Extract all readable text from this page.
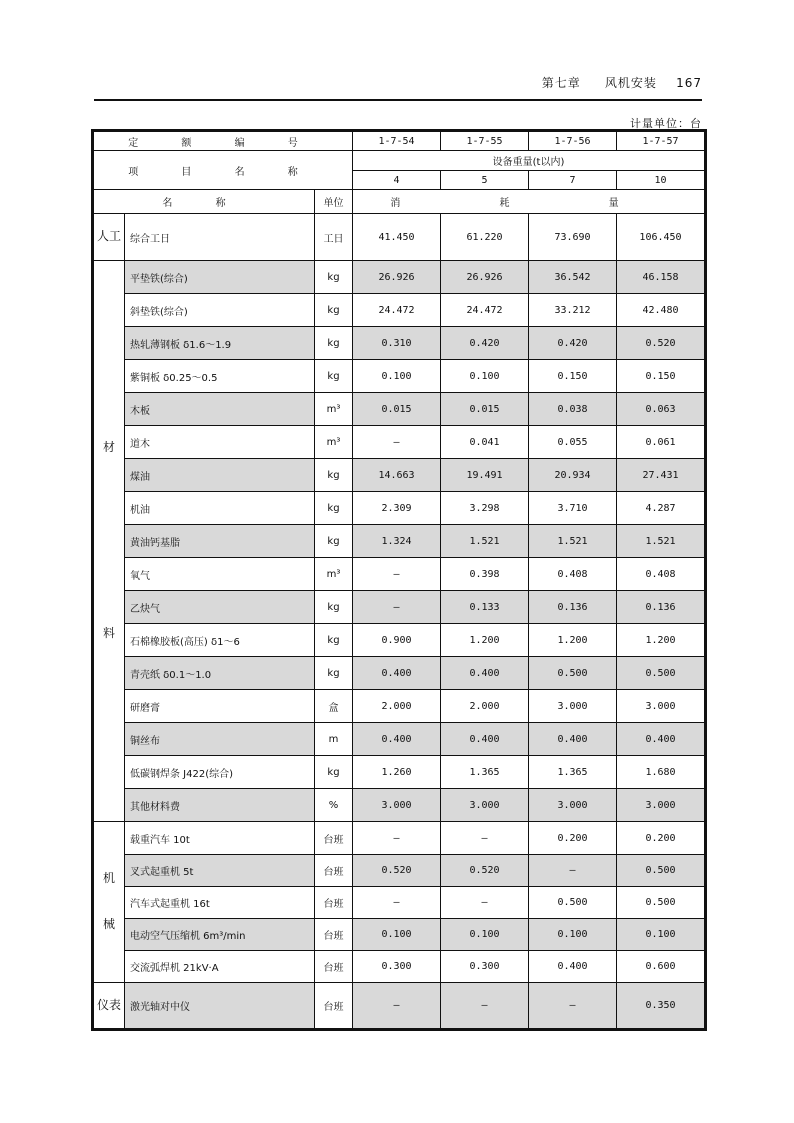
第七章 风机安装 167
计量单位：台
定 额 编 号			1-7-54	1-7-55	1-7-56	1-7-57
项 目 名 称			设备重量(t以内)			
			4	5	7	10
名 称		单位	消 耗 量			

人工	综合工日	工日	41.450	61.220	73.690	106.450

材
料	平垫铁(综合)	kg	26.926	26.926	36.542	46.158
	斜垫铁(综合)	kg	24.472	24.472	33.212	42.480
	热轧薄钢板 δ1.6～1.9	kg	0.310	0.420	0.420	0.520
	紫铜板 δ0.25～0.5	kg	0.100	0.100	0.150	0.150
	木板	m³	0.015	0.015	0.038	0.063
	道木	m³	—	0.041	0.055	0.061
	煤油	kg	14.663	19.491	20.934	27.431
	机油	kg	2.309	3.298	3.710	4.287
	黄油钙基脂	kg	1.324	1.521	1.521	1.521
	氧气	m³	—	0.398	0.408	0.408
	乙炔气	kg	—	0.133	0.136	0.136
	石棉橡胶板(高压) δ1～6	kg	0.900	1.200	1.200	1.200
	青壳纸 δ0.1～1.0	kg	0.400	0.400	0.500	0.500
	研磨膏	盒	2.000	2.000	3.000	3.000
	铜丝布	m	0.400	0.400	0.400	0.400
	低碳钢焊条 J422(综合)	kg	1.260	1.365	1.365	1.680
	其他材料费	%	3.000	3.000	3.000	3.000

机
械	载重汽车 10t	台班	—	—	0.200	0.200
	叉式起重机 5t	台班	0.520	0.520	—	0.500
	汽车式起重机 16t	台班	—	—	0.500	0.500
	电动空气压缩机 6m³/min	台班	0.100	0.100	0.100	0.100
	交流弧焊机 21kV·A	台班	0.300	0.300	0.400	0.600

仪表	激光轴对中仪	台班	—	—	—	0.350
